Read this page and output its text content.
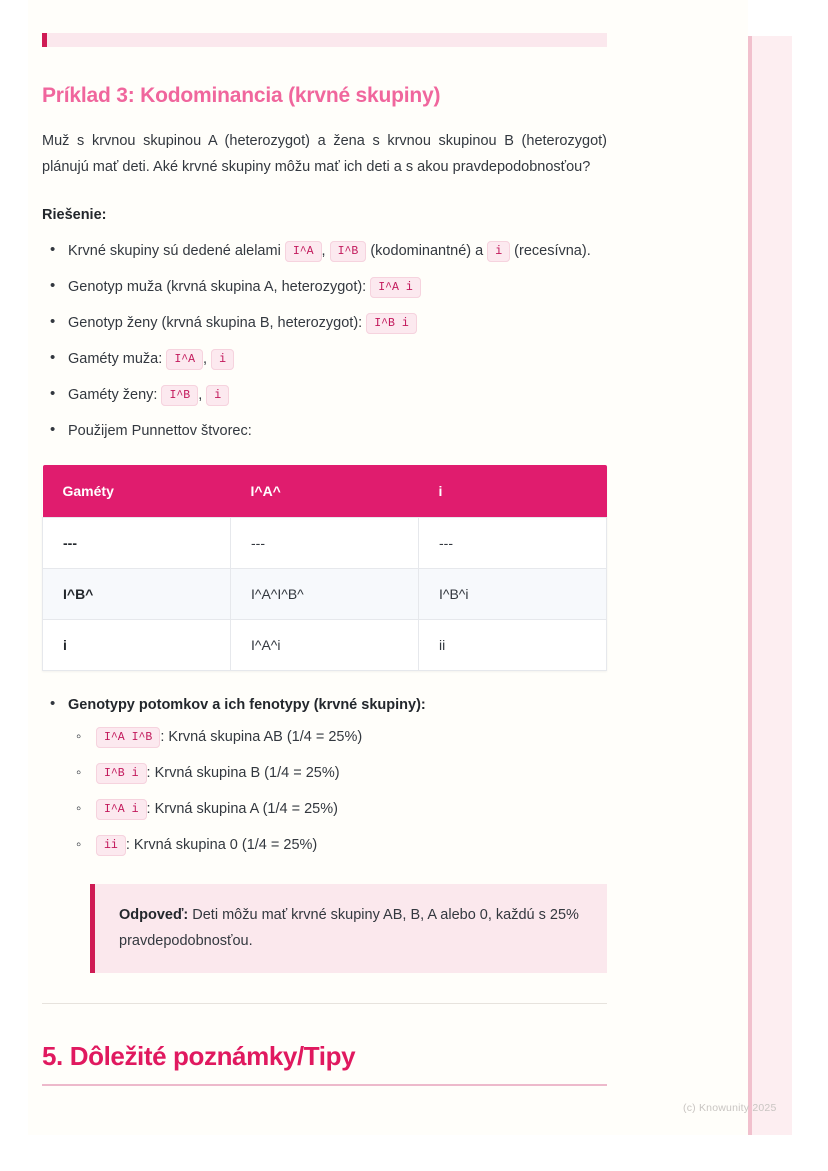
Príklad 3: Kodominancia (krvné skupiny)

Muž s krvnou skupinou A (heterozygot) a žena s krvnou skupinou B (heterozygot) plánujú mať deti. Aké krvné skupiny môžu mať ich deti a s akou pravdepodobnosťou?

Riešenie:
• Krvné skupiny sú dedené alelami I^A , I^B (kodominantné) a i (recesívna).
• Genotyp muža (krvná skupina A, heterozygot): I^A i
• Genotyp ženy (krvná skupina B, heterozygot): I^B i
• Gaméty muža: I^A , i
• Gaméty ženy: I^B , i
• Použijem Punnettov štvorec:
Gaméty	I^A^	i
---	---	---
I^B^	I^A^I^B^	I^B^i
i	I^A^i	ii
• Genotypy potomkov a ich fenotypy (krvné skupiny):
◦ I^A I^B : Krvná skupina AB (1/4 = 25%)
◦ I^B i : Krvná skupina B (1/4 = 25%)
◦ I^A i : Krvná skupina A (1/4 = 25%)
◦ ii : Krvná skupina 0 (1/4 = 25%)

Odpoveď: Deti môžu mať krvné skupiny AB, B, A alebo 0, každú s 25% pravdepodobnosťou.

5. Dôležité poznámky/Tipy
(c) Knowunity 2025
